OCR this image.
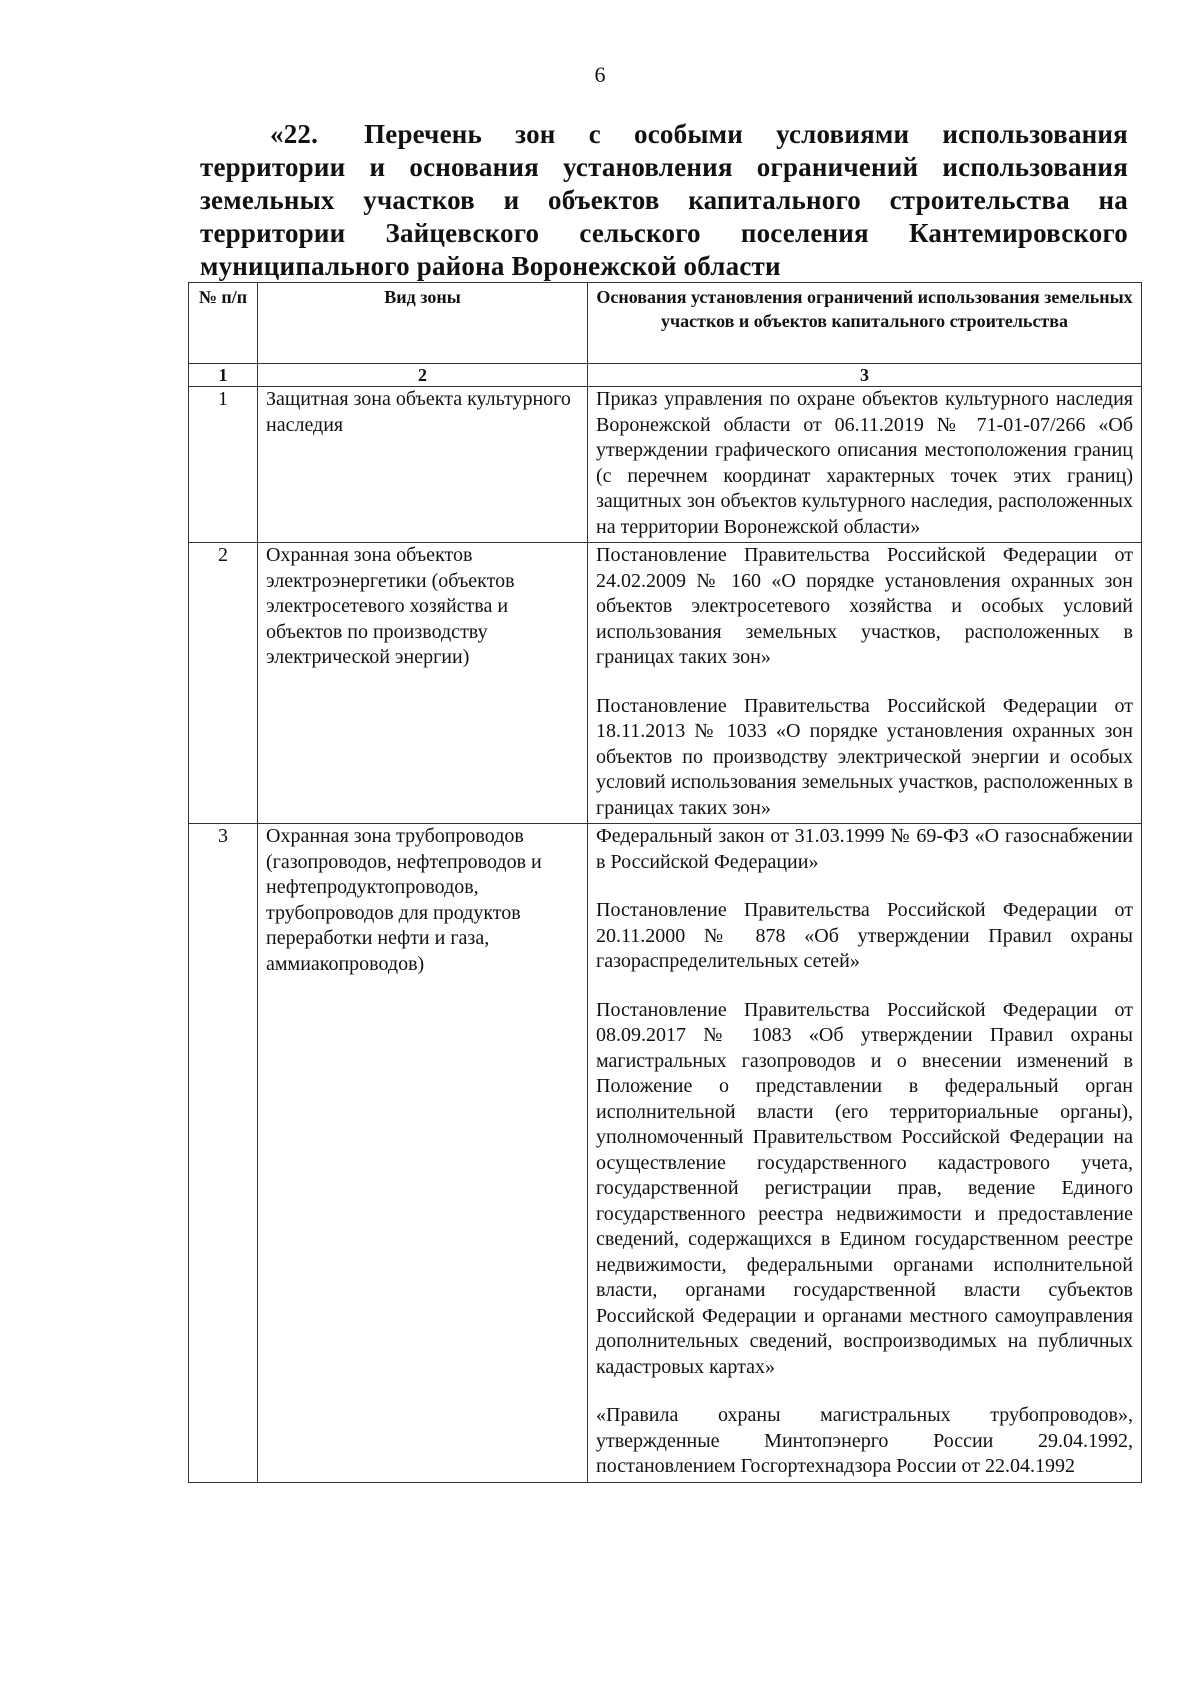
6
«22. Перечень зон с особыми условиями использования территории и основания установления ограничений использования земельных участков и объектов капитального строительства на территории Зайцевского сельского поселения Кантемировского муниципального района Воронежской области
№ п/п	Вид зоны	Основания установления ограничений использования земельных участков и объектов капитального строительства
1	2	3
1	Защитная зона объекта культурного наследия	Приказ управления по охране объектов культурного наследия Воронежской области от 06.11.2019 № 71-01-07/266 «Об утверждении графического описания местоположения границ (с перечнем координат характерных точек этих границ) защитных зон объектов культурного наследия, расположенных на территории Воронежской области»

2	Охранная зона объектов электроэнергетики (объектов электросетевого хозяйства и объектов по производству электрической энергии)	Постановление Правительства Российской Федерации от 24.02.2009 № 160 «О порядке установления охранных зон объектов электросетевого хозяйства и особых условий использования земельных участков, расположенных в границах таких зон»

Постановление Правительства Российской Федерации от 18.11.2013 № 1033 «О порядке установления охранных зон объектов по производству электрической энергии и особых условий использования земельных участков, расположенных в границах таких зон»

3	Охранная зона трубопроводов (газопроводов, нефтепроводов и нефтепродуктопроводов, трубопроводов для продуктов переработки нефти и газа, аммиакопроводов)	Федеральный закон от 31.03.1999 № 69-ФЗ «О газоснабжении в Российской Федерации»

Постановление Правительства Российской Федерации от 20.11.2000 № 878 «Об утверждении Правил охраны газораспределительных сетей»

Постановление Правительства Российской Федерации от 08.09.2017 № 1083 «Об утверждении Правил охраны магистральных газопроводов и о внесении изменений в Положение о представлении в федеральный орган исполнительной власти (его территориальные органы), уполномоченный Правительством Российской Федерации на осуществление государственного кадастрового учета, государственной регистрации прав, ведение Единого государственного реестра недвижимости и предоставление сведений, содержащихся в Едином государственном реестре недвижимости, федеральными органами исполнительной власти, органами государственной власти субъектов Российской Федерации и органами местного самоуправления дополнительных сведений, воспроизводимых на публичных кадастровых картах»

«Правила охраны магистральных трубопроводов», утвержденные Минтопэнерго России 29.04.1992, постановлением Госгортехнадзора России от 22.04.1992
